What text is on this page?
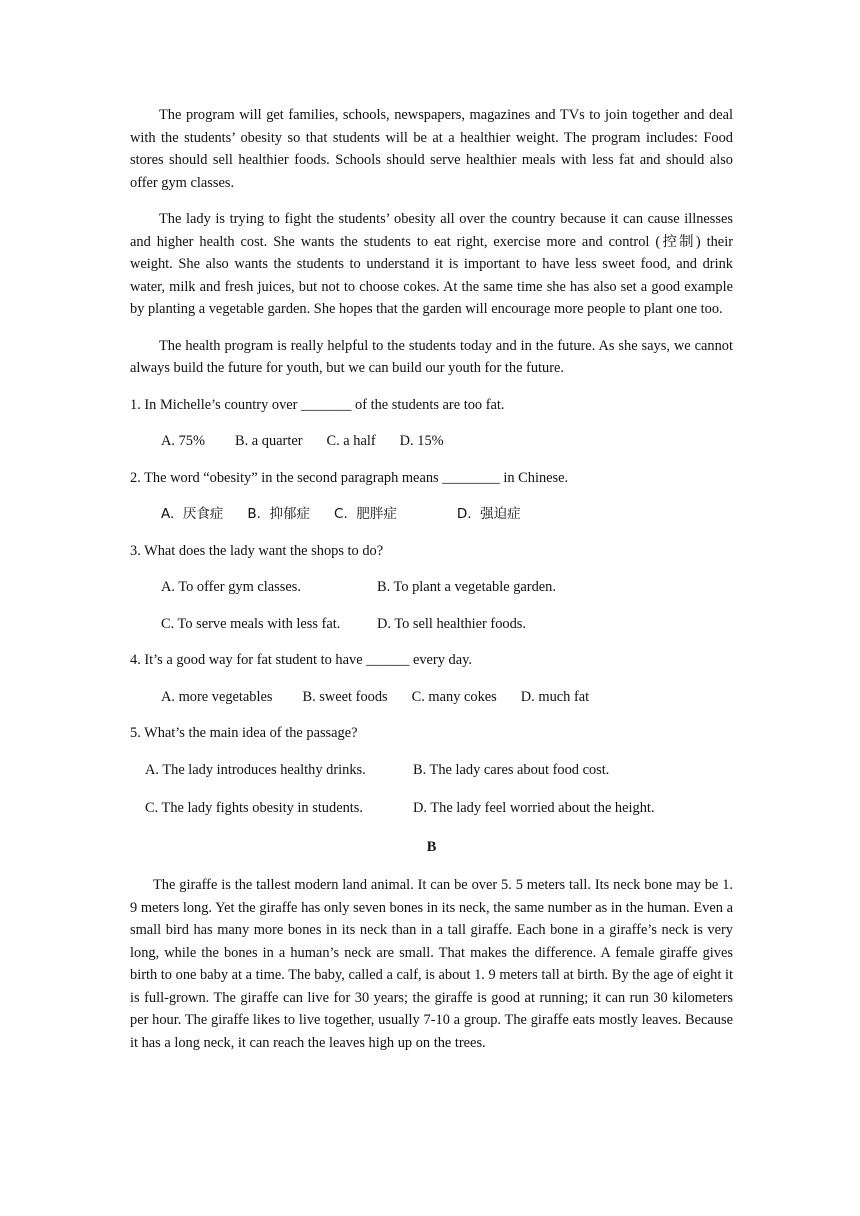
The program will get families, schools, newspapers, magazines and TVs to join together and deal with the students’ obesity so that students will be at a healthier weight. The program includes: Food stores should sell healthier foods. Schools should serve healthier meals with less fat and should also offer gym classes.

The lady is trying to fight the students’ obesity all over the country because it can cause illnesses and higher health cost. She wants the students to eat right, exercise more and control (控制) their weight. She also wants the students to understand it is important to have less sweet food, and drink water, milk and fresh juices, but not to choose cokes. At the same time she has also set a good example by planting a vegetable garden. She hopes that the garden will encourage more people to plant one too.

The health program is really helpful to the students today and in the future. As she says, we cannot always build the future for youth, but we can build our youth for the future.

1. In Michelle’s country over _______ of the students are too fat.
A. 75% B. a quarter C. a half D. 15%
2. The word “obesity” in the second paragraph means ________ in Chinese.
A.  厌食症 B.  抑郁症 C.  肥胖症	D.  强迫症
3. What does the lady want the shops to do?
A. To offer gym classes.	B. To plant a vegetable garden.
C. To serve meals with less fat.	D. To sell healthier foods.
4. It’s a good way for fat student to have ______ every day.
A. more vegetables B. sweet foods C. many cokes D. much fat
5. What’s the main idea of the passage?
A. The lady introduces healthy drinks.	B. The lady cares about food cost.
C. The lady fights obesity in students.	D. The lady feel worried about the height.
B

The giraffe is the tallest modern land animal. It can be over 5. 5 meters tall. Its neck bone may be 1. 9 meters long. Yet the giraffe has only seven bones in its neck, the same number as in the human. Even a small bird has many more bones in its neck than in a tall giraffe. Each bone in a giraffe’s neck is very long, while the bones in a human’s neck are small. That makes the difference. A female giraffe gives birth to one baby at a time. The baby, called a calf, is about 1. 9 meters tall at birth. By the age of eight it is full-grown. The giraffe can live for 30 years; the giraffe is good at running; it can run 30 kilometers per hour. The giraffe likes to live together, usually 7-10 a group. The giraffe eats mostly leaves. Because it has a long neck, it can reach the leaves high up on the trees.
